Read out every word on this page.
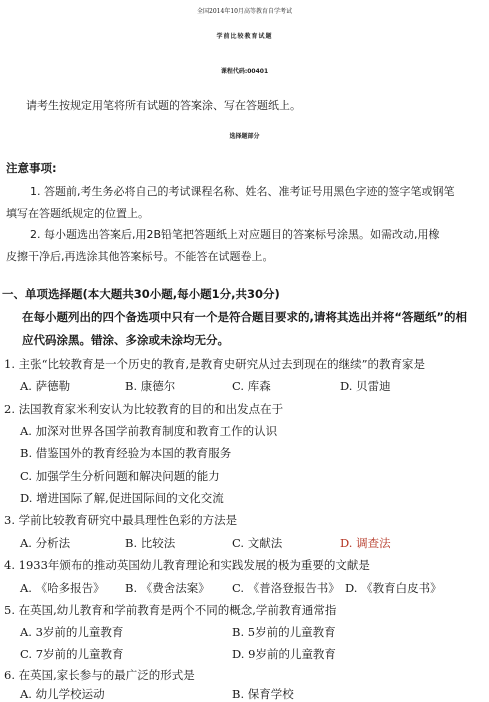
全国2014年10月高等教育自学考试
学前比较教育试题
课程代码:00401
请考生按规定用笔将所有试题的答案涂、写在答题纸上。
选择题部分
注意事项:
1. 答题前,考生务必将自己的考试课程名称、姓名、准考证号用黑色字迹的签字笔或钢笔
填写在答题纸规定的位置上。
2. 每小题选出答案后,用2B铅笔把答题纸上对应题目的答案标号涂黑。如需改动,用橡
皮擦干净后,再选涂其他答案标号。不能答在试题卷上。
一、单项选择题(本大题共30小题,每小题1分,共30分)
在每小题列出的四个备选项中只有一个是符合题目要求的,请将其选出并将“答题纸”的相
应代码涂黑。错涂、多涂或未涂均无分。
1. 主张“比较教育是一个历史的教育,是教育史研究从过去到现在的继续”的教育家是
A. 萨德勒	B. 康德尔	C. 库森	D. 贝雷迪
2. 法国教育家米利安认为比较教育的目的和出发点在于
A. 加深对世界各国学前教育制度和教育工作的认识
B. 借鉴国外的教育经验为本国的教育服务
C. 加强学生分析问题和解决问题的能力
D. 增进国际了解,促进国际间的文化交流
3. 学前比较教育研究中最具理性色彩的方法是
A. 分析法	B. 比较法	C. 文献法	D. 调查法
4. 1933年颁布的推动英国幼儿教育理论和实践发展的极为重要的文献是
A. 《哈多报告》 B. 《费舍法案》 C. 《普洛登报告书》 D. 《教育白皮书》
5. 在英国,幼儿教育和学前教育是两个不同的概念,学前教育通常指
A. 3岁前的儿童教育	B. 5岁前的儿童教育
C. 7岁前的儿童教育	D. 9岁前的儿童教育
6. 在英国,家长参与的最广泛的形式是
A. 幼儿学校运动	B. 保育学校
